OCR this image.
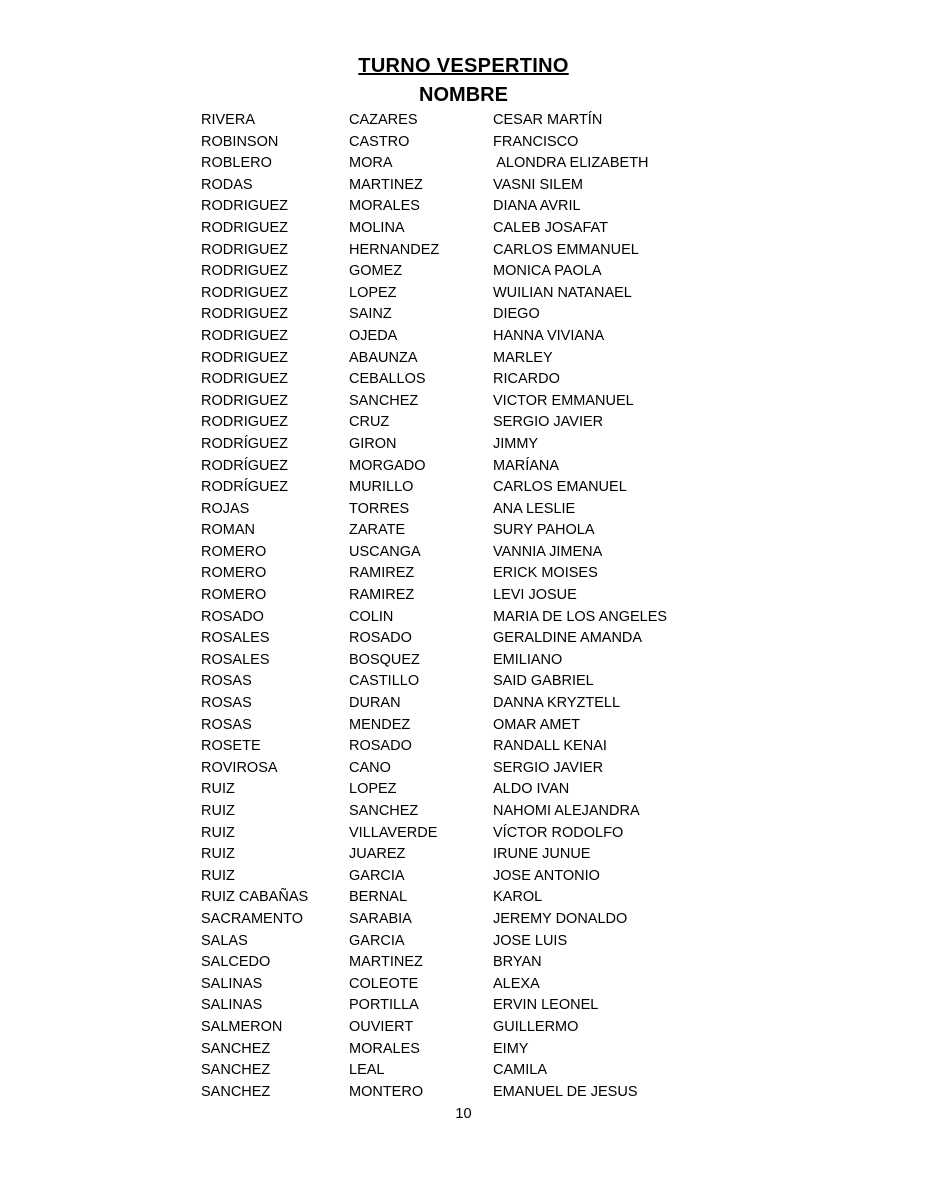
TURNO VESPERTINO
NOMBRE
RIVERA	CAZARES	CESAR MARTÍN
ROBINSON	CASTRO	FRANCISCO
ROBLERO	MORA	ALONDRA ELIZABETH
RODAS	MARTINEZ	VASNI SILEM
RODRIGUEZ	MORALES	DIANA AVRIL
RODRIGUEZ	MOLINA	CALEB JOSAFAT
RODRIGUEZ	HERNANDEZ	CARLOS EMMANUEL
RODRIGUEZ	GOMEZ	MONICA PAOLA
RODRIGUEZ	LOPEZ	WUILIAN NATANAEL
RODRIGUEZ	SAINZ	DIEGO
RODRIGUEZ	OJEDA	HANNA VIVIANA
RODRIGUEZ	ABAUNZA	MARLEY
RODRIGUEZ	CEBALLOS	RICARDO
RODRIGUEZ	SANCHEZ	VICTOR EMMANUEL
RODRIGUEZ	CRUZ	SERGIO JAVIER
RODRÍGUEZ	GIRON	JIMMY
RODRÍGUEZ	MORGADO	MARÍANA
RODRÍGUEZ	MURILLO	CARLOS EMANUEL
ROJAS	TORRES	ANA LESLIE
ROMAN	ZARATE	SURY PAHOLA
ROMERO	USCANGA	VANNIA JIMENA
ROMERO	RAMIREZ	ERICK MOISES
ROMERO	RAMIREZ	LEVI JOSUE
ROSADO	COLIN	MARIA DE LOS ANGELES
ROSALES	ROSADO	GERALDINE AMANDA
ROSALES	BOSQUEZ	EMILIANO
ROSAS	CASTILLO	SAID GABRIEL
ROSAS	DURAN	DANNA KRYZTELL
ROSAS	MENDEZ	OMAR AMET
ROSETE	ROSADO	RANDALL KENAI
ROVIROSA	CANO	SERGIO JAVIER
RUIZ	LOPEZ	ALDO IVAN
RUIZ	SANCHEZ	NAHOMI ALEJANDRA
RUIZ	VILLAVERDE	VÍCTOR RODOLFO
RUIZ	JUAREZ	IRUNE JUNUE
RUIZ	GARCIA	JOSE ANTONIO
RUIZ CABAÑAS	BERNAL	KAROL
SACRAMENTO	SARABIA	JEREMY DONALDO
SALAS	GARCIA	JOSE LUIS
SALCEDO	MARTINEZ	BRYAN
SALINAS	COLEOTE	ALEXA
SALINAS	PORTILLA	ERVIN LEONEL
SALMERON	OUVIERT	GUILLERMO
SANCHEZ	MORALES	EIMY
SANCHEZ	LEAL	CAMILA
SANCHEZ	MONTERO	EMANUEL DE JESUS
10
